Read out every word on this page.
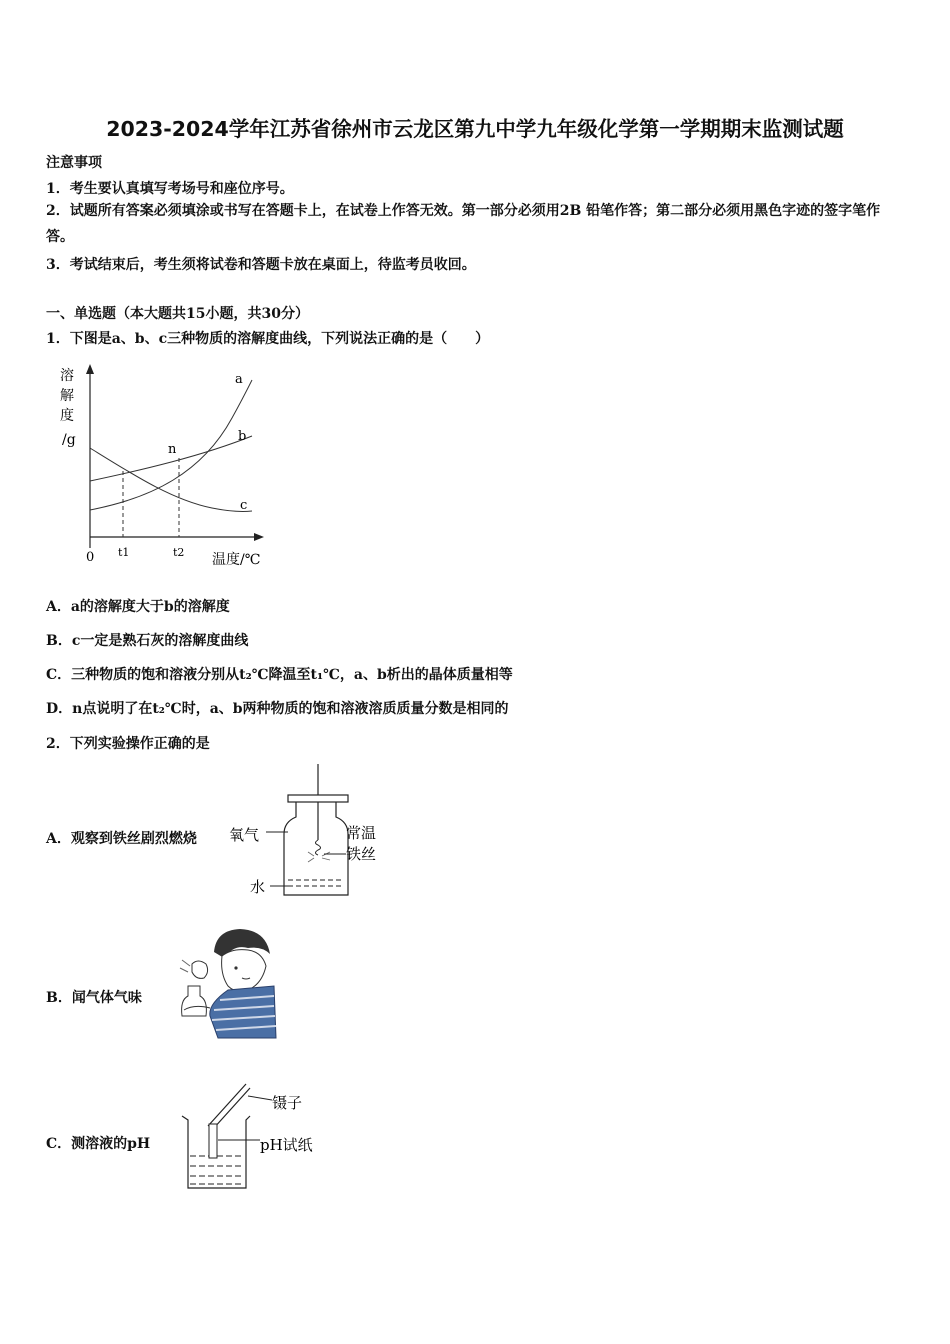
2023-2024学年江苏省徐州市云龙区第九中学九年级化学第一学期期末监测试题
注意事项
1．考生要认真填写考场号和座位序号。
2．试题所有答案必须填涂或书写在答题卡上，在试卷上作答无效。第一部分必须用2B 铅笔作答；第二部分必须用黑色字迹的签字笔作答。
3．考试结束后，考生须将试卷和答题卡放在桌面上，待监考员收回。
一、单选题（本大题共15小题，共30分）
1．下图是a、b、c三种物质的溶解度曲线，下列说法正确的是（　　）
溶
解
度
/g
a
b
c
n
0 t1	t2 温度/℃
A．a的溶解度大于b的溶解度
B．c一定是熟石灰的溶解度曲线
C．三种物质的饱和溶液分别从t₂℃降温至t₁℃，a、b析出的晶体质量相等
D．n点说明了在t₂℃时，a、b两种物质的饱和溶液溶质质量分数是相同的
2．下列实验操作正确的是
A．观察到铁丝剧烈燃烧 氧气	常温
铁丝
水
B．闻气体气味
C．测溶液的pH
镊子
pH试纸
